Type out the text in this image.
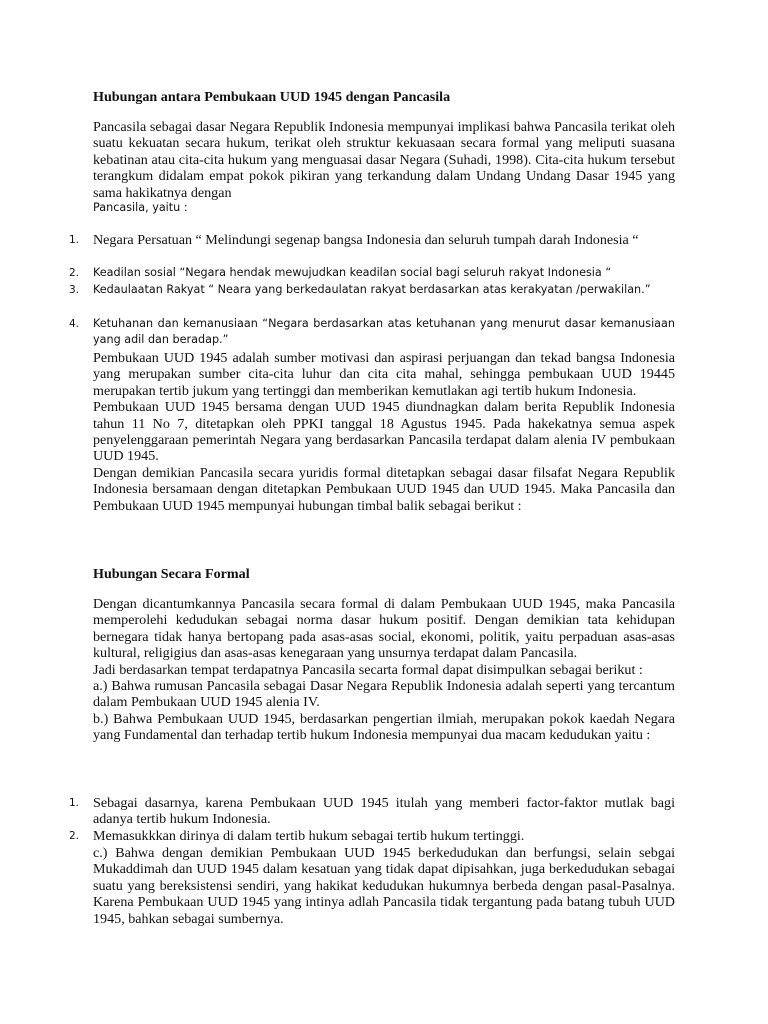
Hubungan antara Pembukaan UUD 1945 dengan Pancasila
Pancasila sebagai dasar Negara Republik Indonesia mempunyai implikasi bahwa Pancasila terikat oleh suatu kekuatan secara hukum, terikat oleh struktur kekuasaan secara formal yang meliputi suasana kebatinan atau cita-cita hukum yang menguasai dasar Negara (Suhadi, 1998). Cita-cita hukum tersebut terangkum didalam empat pokok pikiran yang terkandung dalam Undang Undang Dasar 1945 yang sama hakikatnya dengan
Pancasila, yaitu :
1. Negara Persatuan “ Melindungi segenap bangsa Indonesia dan seluruh tumpah darah Indonesia “
2. Keadilan sosial “Negara hendak mewujudkan keadilan social bagi seluruh rakyat Indonesia “
3. Kedaulaatan Rakyat “ Neara yang berkedaulatan rakyat berdasarkan atas kerakyatan /perwakilan.”
4. Ketuhanan dan kemanusiaan “Negara berdasarkan atas ketuhanan yang menurut dasar kemanusiaan yang adil dan beradap.”
Pembukaan UUD 1945 adalah sumber motivasi dan aspirasi perjuangan dan tekad bangsa Indonesia yang merupakan sumber cita-cita luhur dan cita cita mahal, sehingga pembukaan UUD 19445 merupakan tertib jukum yang tertinggi dan memberikan kemutlakan agi tertib hukum Indonesia.
Pembukaan UUD 1945 bersama dengan UUD 1945 diundnagkan dalam berita Republik Indonesia tahun 11 No 7, ditetapkan oleh PPKI tanggal 18 Agustus 1945. Pada hakekatnya semua aspek penyelenggaraan pemerintah Negara yang berdasarkan Pancasila terdapat dalam alenia IV pembukaan UUD 1945.
Dengan demikian Pancasila secara yuridis formal ditetapkan sebagai dasar filsafat Negara Republik Indonesia bersamaan dengan ditetapkan Pembukaan UUD 1945 dan UUD 1945. Maka Pancasila dan Pembukaan UUD 1945 mempunyai hubungan timbal balik sebagai berikut :
Hubungan Secara Formal
Dengan dicantumkannya Pancasila secara formal di dalam Pembukaan UUD 1945, maka Pancasila memperolehi kedudukan sebagai norma dasar hukum positif. Dengan demikian tata kehidupan bernegara tidak hanya bertopang pada asas-asas social, ekonomi, politik, yaitu perpaduan asas-asas kultural, religigius dan asas-asas kenegaraan yang unsurnya terdapat dalam Pancasila.
Jadi berdasarkan tempat terdapatnya Pancasila secarta formal dapat disimpulkan sebagai berikut :
a.) Bahwa rumusan Pancasila sebagai Dasar Negara Republik Indonesia adalah seperti yang tercantum dalam Pembukaan UUD 1945 alenia IV.
b.) Bahwa Pembukaan UUD 1945, berdasarkan pengertian ilmiah, merupakan pokok kaedah Negara yang Fundamental dan terhadap tertib hukum Indonesia mempunyai dua macam kedudukan yaitu :
1. Sebagai dasarnya, karena Pembukaan UUD 1945 itulah yang memberi factor-faktor mutlak bagi adanya tertib hukum Indonesia.
2. Memasukkkan dirinya di dalam tertib hukum sebagai tertib hukum tertinggi.
c.) Bahwa dengan demikian Pembukaan UUD 1945 berkedudukan dan berfungsi, selain sebgai Mukaddimah dan UUD 1945 dalam kesatuan yang tidak dapat dipisahkan, juga berkedudukan sebagai suatu yang bereksistensi sendiri, yang hakikat kedudukan hukumnya berbeda dengan pasal-Pasalnya. Karena Pembukaan UUD 1945 yang intinya adlah Pancasila tidak tergantung pada batang tubuh UUD 1945, bahkan sebagai sumbernya.
